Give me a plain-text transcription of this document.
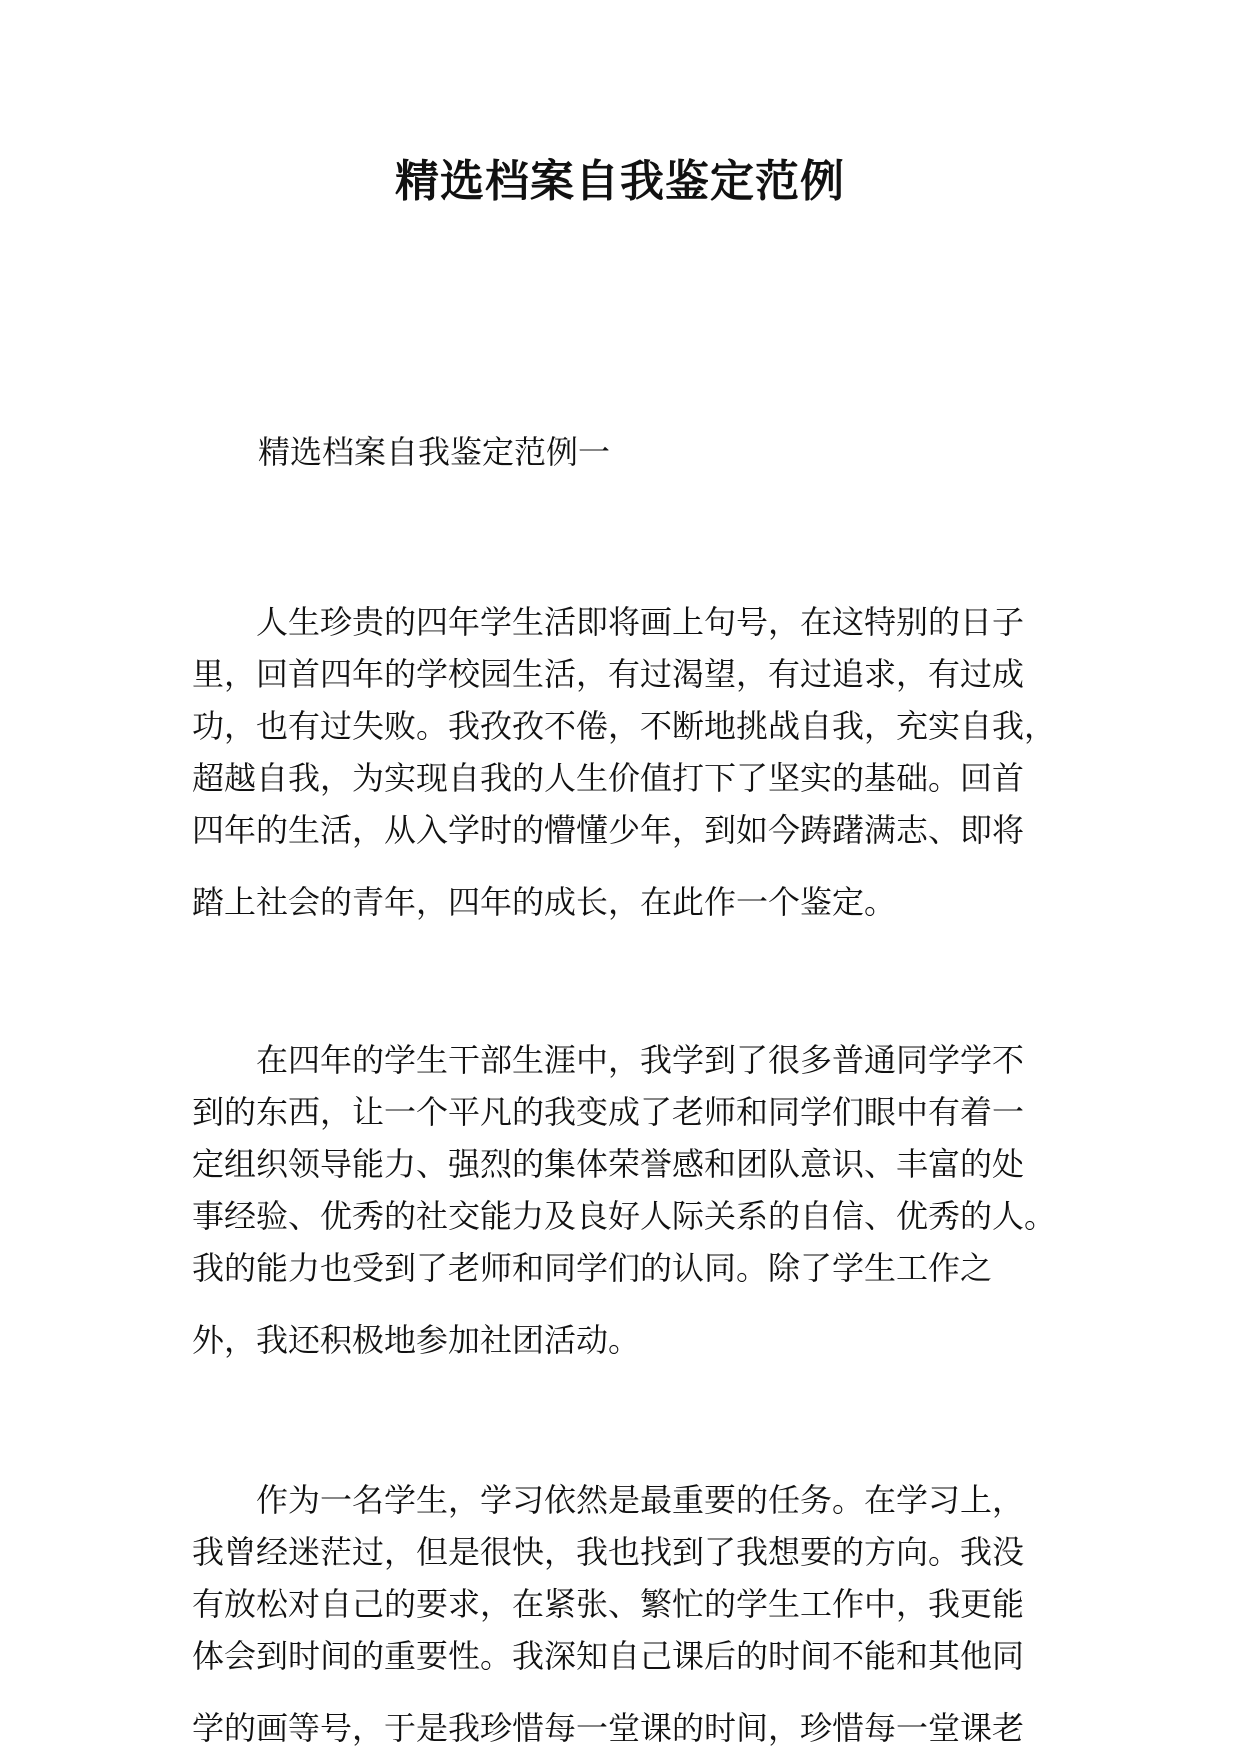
精选档案自我鉴定范例
精选档案自我鉴定范例一
　　人生珍贵的四年学生活即将画上句号，在这特别的日子
里，回首四年的学校园生活，有过渴望，有过追求，有过成
功，也有过失败。我孜孜不倦，不断地挑战自我，充实自我，
超越自我，为实现自我的人生价值打下了坚实的基础。回首
四年的生活，从入学时的懵懂少年，到如今踌躇满志、即将
踏上社会的青年，四年的成长，在此作一个鉴定。
　　在四年的学生干部生涯中，我学到了很多普通同学学不
到的东西，让一个平凡的我变成了老师和同学们眼中有着一
定组织领导能力、强烈的集体荣誉感和团队意识、丰富的处
事经验、优秀的社交能力及良好人际关系的自信、优秀的人。
我的能力也受到了老师和同学们的认同。除了学生工作之
外，我还积极地参加社团活动。
　　作为一名学生，学习依然是最重要的任务。在学习上，
我曾经迷茫过，但是很快，我也找到了我想要的方向。我没
有放松对自己的要求，在紧张、繁忙的学生工作中，我更能
体会到时间的重要性。我深知自己课后的时间不能和其他同
学的画等号，于是我珍惜每一堂课的时间，珍惜每一堂课老
